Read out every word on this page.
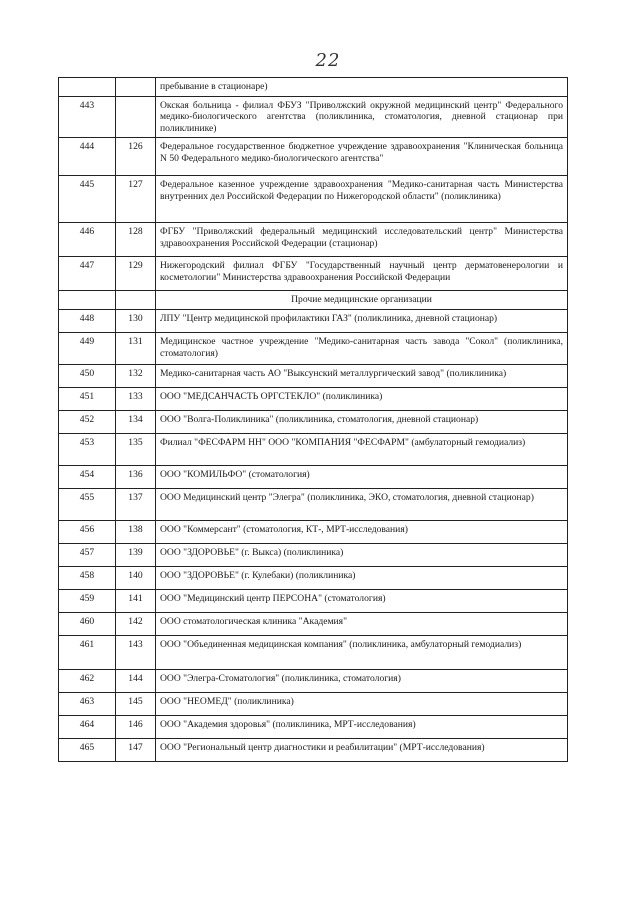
22
		пребывание в стационаре)
443		Окская больница - филиал ФБУЗ "Приволжский окружной медицинский центр" Федерального медико-биологического агентства (поликлиника, стоматология, дневной стационар при поликлинике)
444	126	Федеральное государственное бюджетное учреждение здравоохранения "Клиническая больница N 50 Федерального медико-биологического агентства"
445	127	Федеральное казенное учреждение здравоохранения "Медико-санитарная часть Министерства внутренних дел Российской Федерации по Нижегородской области" (поликлиника)
446	128	ФГБУ "Приволжский федеральный медицинский исследовательский центр" Министерства здравоохранения Российской Федерации (стационар)
447	129	Нижегородский филиал ФГБУ "Государственный научный центр дерматовенерологии и косметологии" Министерства здравоохранения Российской Федерации
		Прочие медицинские организации
448	130	ЛПУ "Центр медицинской профилактики ГАЗ" (поликлиника, дневной стационар)
449	131	Медицинское частное учреждение "Медико-санитарная часть завода "Сокол" (поликлиника, стоматология)
450	132	Медико-санитарная часть АО "Выксунский металлургический завод" (поликлиника)
451	133	ООО "МЕДСАНЧАСТЬ ОРГСТЕКЛО" (поликлиника)
452	134	ООО "Волга-Поликлиника" (поликлиника, стоматология, дневной стационар)
453	135	Филиал "ФЕСФАРМ НН" ООО "КОМПАНИЯ "ФЕСФАРМ" (амбулаторный гемодиализ)
454	136	ООО "КОМИЛЬФО" (стоматология)
455	137	ООО Медицинский центр "Элегра" (поликлиника, ЭКО, стоматология, дневной стационар)
456	138	ООО "Коммерсант" (стоматология, КТ-, МРТ-исследования)
457	139	ООО "ЗДОРОВЬЕ" (г. Выкса) (поликлиника)
458	140	ООО "ЗДОРОВЬЕ" (г. Кулебаки) (поликлиника)
459	141	ООО "Медицинский центр ПЕРСОНА" (стоматология)
460	142	ООО стоматологическая клиника "Академия"
461	143	ООО "Объединенная медицинская компания" (поликлиника, амбулаторный гемодиализ)
462	144	ООО "Элегра-Стоматология" (поликлиника, стоматология)
463	145	ООО "НЕОМЕД" (поликлиника)
464	146	ООО "Академия здоровья" (поликлиника, МРТ-исследования)
465	147	ООО "Региональный центр диагностики и реабилитации" (МРТ-исследования)
